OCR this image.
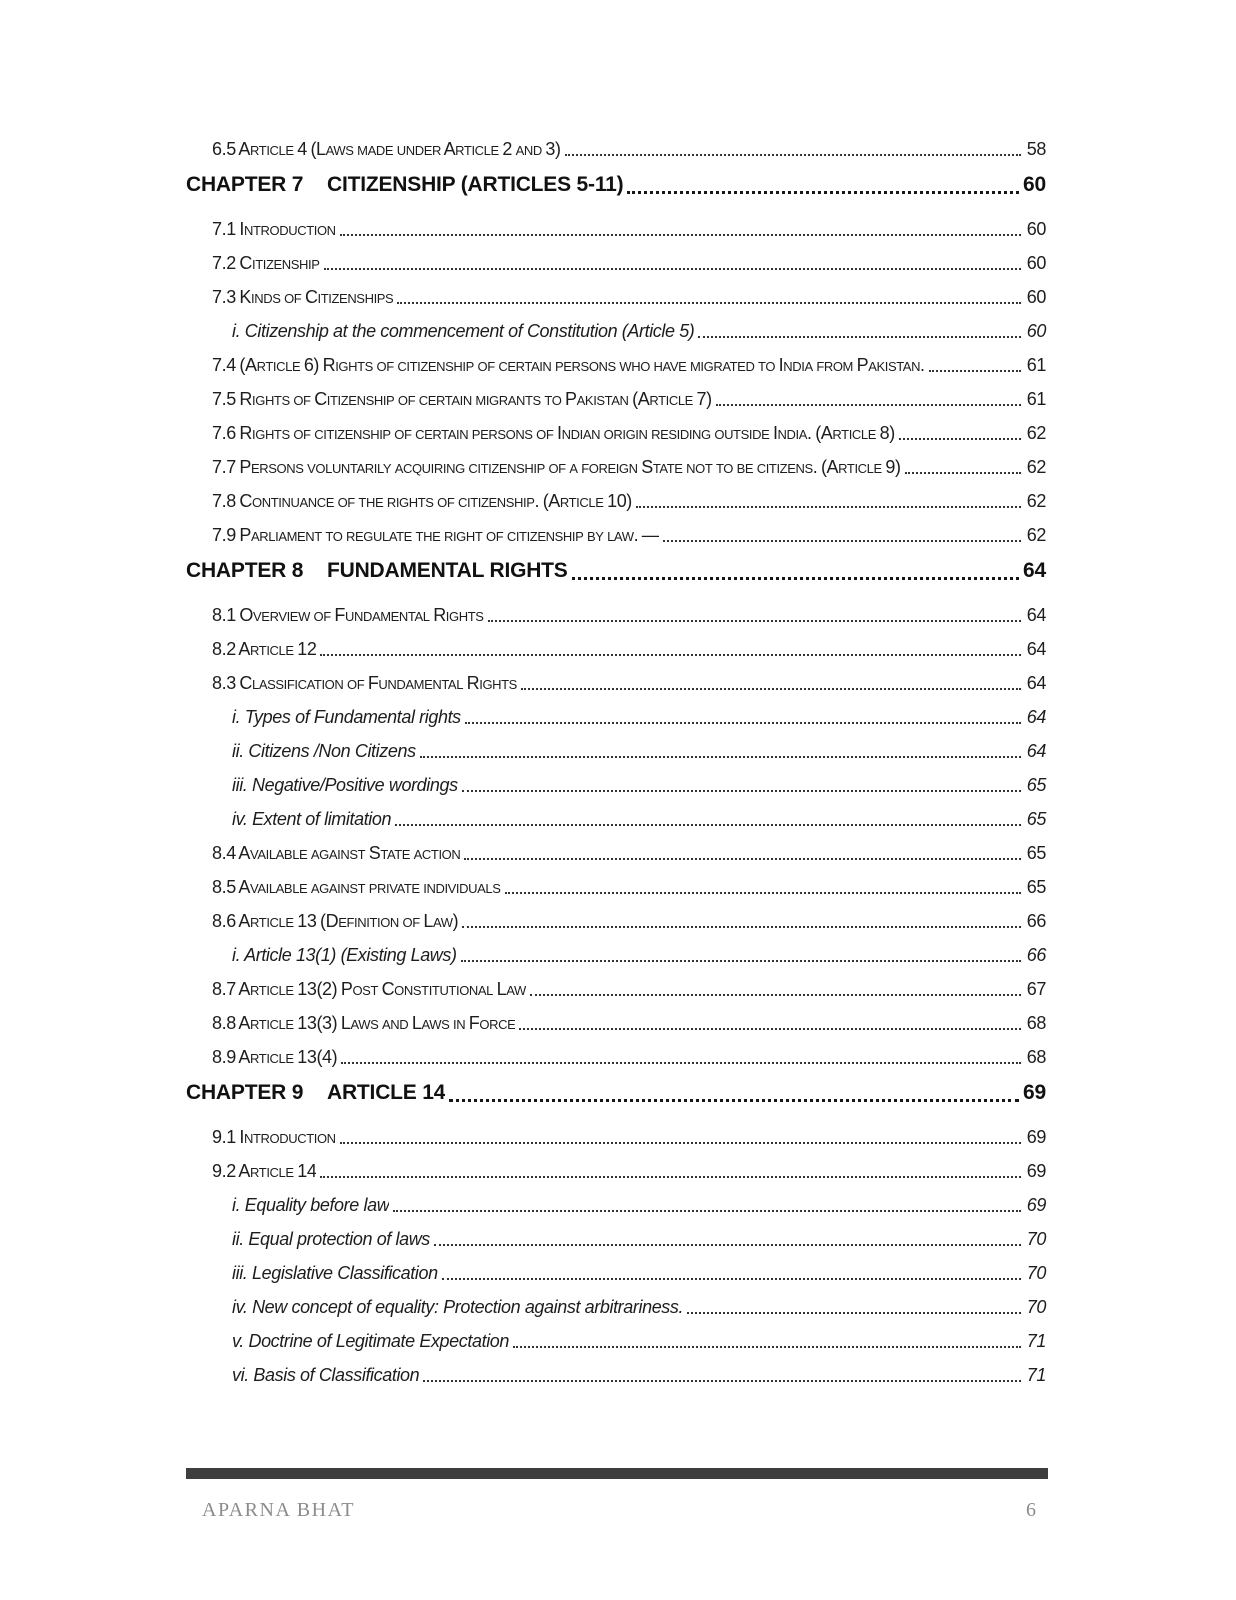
6.5 Article 4 (Laws made under Article 2 and 3)	58
CHAPTER 7	CITIZENSHIP (ARTICLES 5-11)	60
7.1 Introduction	60
7.2 Citizenship	60
7.3 Kinds of Citizenships	60
i. Citizenship at the commencement of Constitution (Article 5)	60
7.4 (Article 6) Rights of citizenship of certain persons who have migrated to India from Pakistan.	61
7.5 Rights of Citizenship of certain migrants to Pakistan (Article 7)	61
7.6 Rights of citizenship of certain persons of Indian origin residing outside India. (Article 8)	62
7.7 Persons voluntarily acquiring citizenship of a foreign State not to be citizens. (Article 9)	62
7.8 Continuance of the rights of citizenship. (Article 10)	62
7.9 Parliament to regulate the right of citizenship by law. —	62
CHAPTER 8	FUNDAMENTAL RIGHTS	64
8.1 Overview of Fundamental Rights	64
8.2 Article 12	64
8.3 Classification of Fundamental Rights	64
i. Types of Fundamental rights	64
ii. Citizens /Non Citizens	64
iii. Negative/Positive wordings	65
iv. Extent of limitation	65
8.4 Available against State action	65
8.5 Available against private individuals	65
8.6 Article 13 (Definition of Law)	66
i. Article 13(1) (Existing Laws)	66
8.7 Article 13(2) Post Constitutional Law	67
8.8 Article 13(3) Laws and Laws in Force	68
8.9 Article 13(4)	68
CHAPTER 9	ARTICLE 14	69
9.1 Introduction	69
9.2 Article 14	69
i. Equality before law	69
ii. Equal protection of laws	70
iii. Legislative Classification	70
iv. New concept of equality: Protection against arbitrariness.	70
v. Doctrine of Legitimate Expectation	71
vi. Basis of Classification	71
APARNA BHAT	6
